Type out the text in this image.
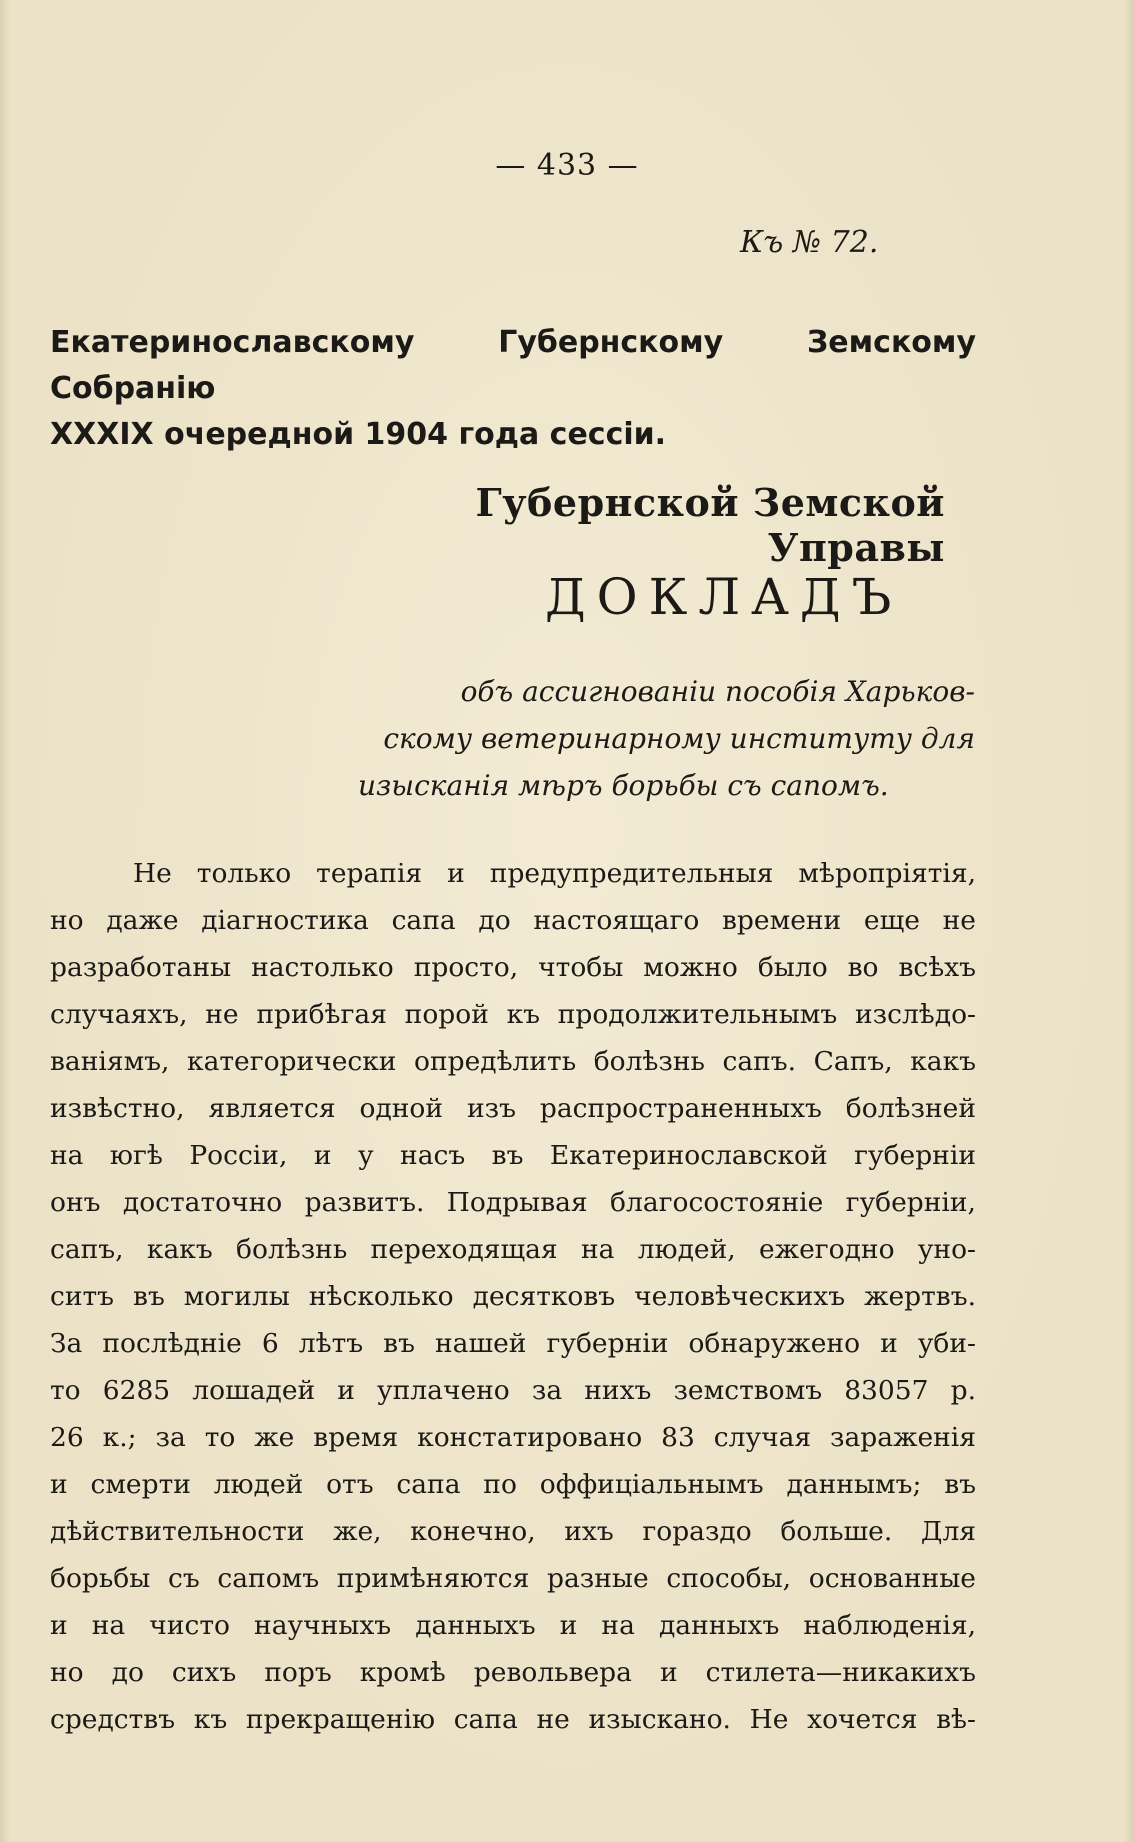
— 433 —
Къ № 72.
Екатеринославскому Губернскому Земскому Собранію
XXXIX очередной 1904 года сессіи.
Губернской Земской Управы
ДОКЛАДЪ
объ ассигнованіи пособія Харьков-
скому ветеринарному институту для
изысканія мѣръ борьбы съ сапомъ.
Не только терапія и предупредительныя мѣропріятія,
но даже діагностика сапа до настоящаго времени еще не
разработаны настолько просто, чтобы можно было во всѣхъ
случаяхъ, не прибѣгая порой къ продолжительнымъ изслѣдо-
ваніямъ, категорически опредѣлить болѣзнь сапъ. Сапъ, какъ
извѣстно, является одной изъ распространенныхъ болѣзней
на югѣ Россіи, и у насъ въ Екатеринославской губерніи
онъ достаточно развитъ. Подрывая благосостояніе губерніи,
сапъ, какъ болѣзнь переходящая на людей, ежегодно уно-
ситъ въ могилы нѣсколько десятковъ человѣческихъ жертвъ.
За послѣдніе 6 лѣтъ въ нашей губерніи обнаружено и уби-
то 6285 лошадей и уплачено за нихъ земствомъ 83057 р.
26 к.; за то же время констатировано 83 случая зараженія
и смерти людей отъ сапа по оффиціальнымъ даннымъ; въ
дѣйствительности же, конечно, ихъ гораздо больше. Для
борьбы съ сапомъ примѣняются разные способы, основанные
и на чисто научныхъ данныхъ и на данныхъ наблюденія,
но до сихъ поръ кромѣ револьвера и стилета—никакихъ
средствъ къ прекращенію сапа не изыскано. Не хочется вѣ-
